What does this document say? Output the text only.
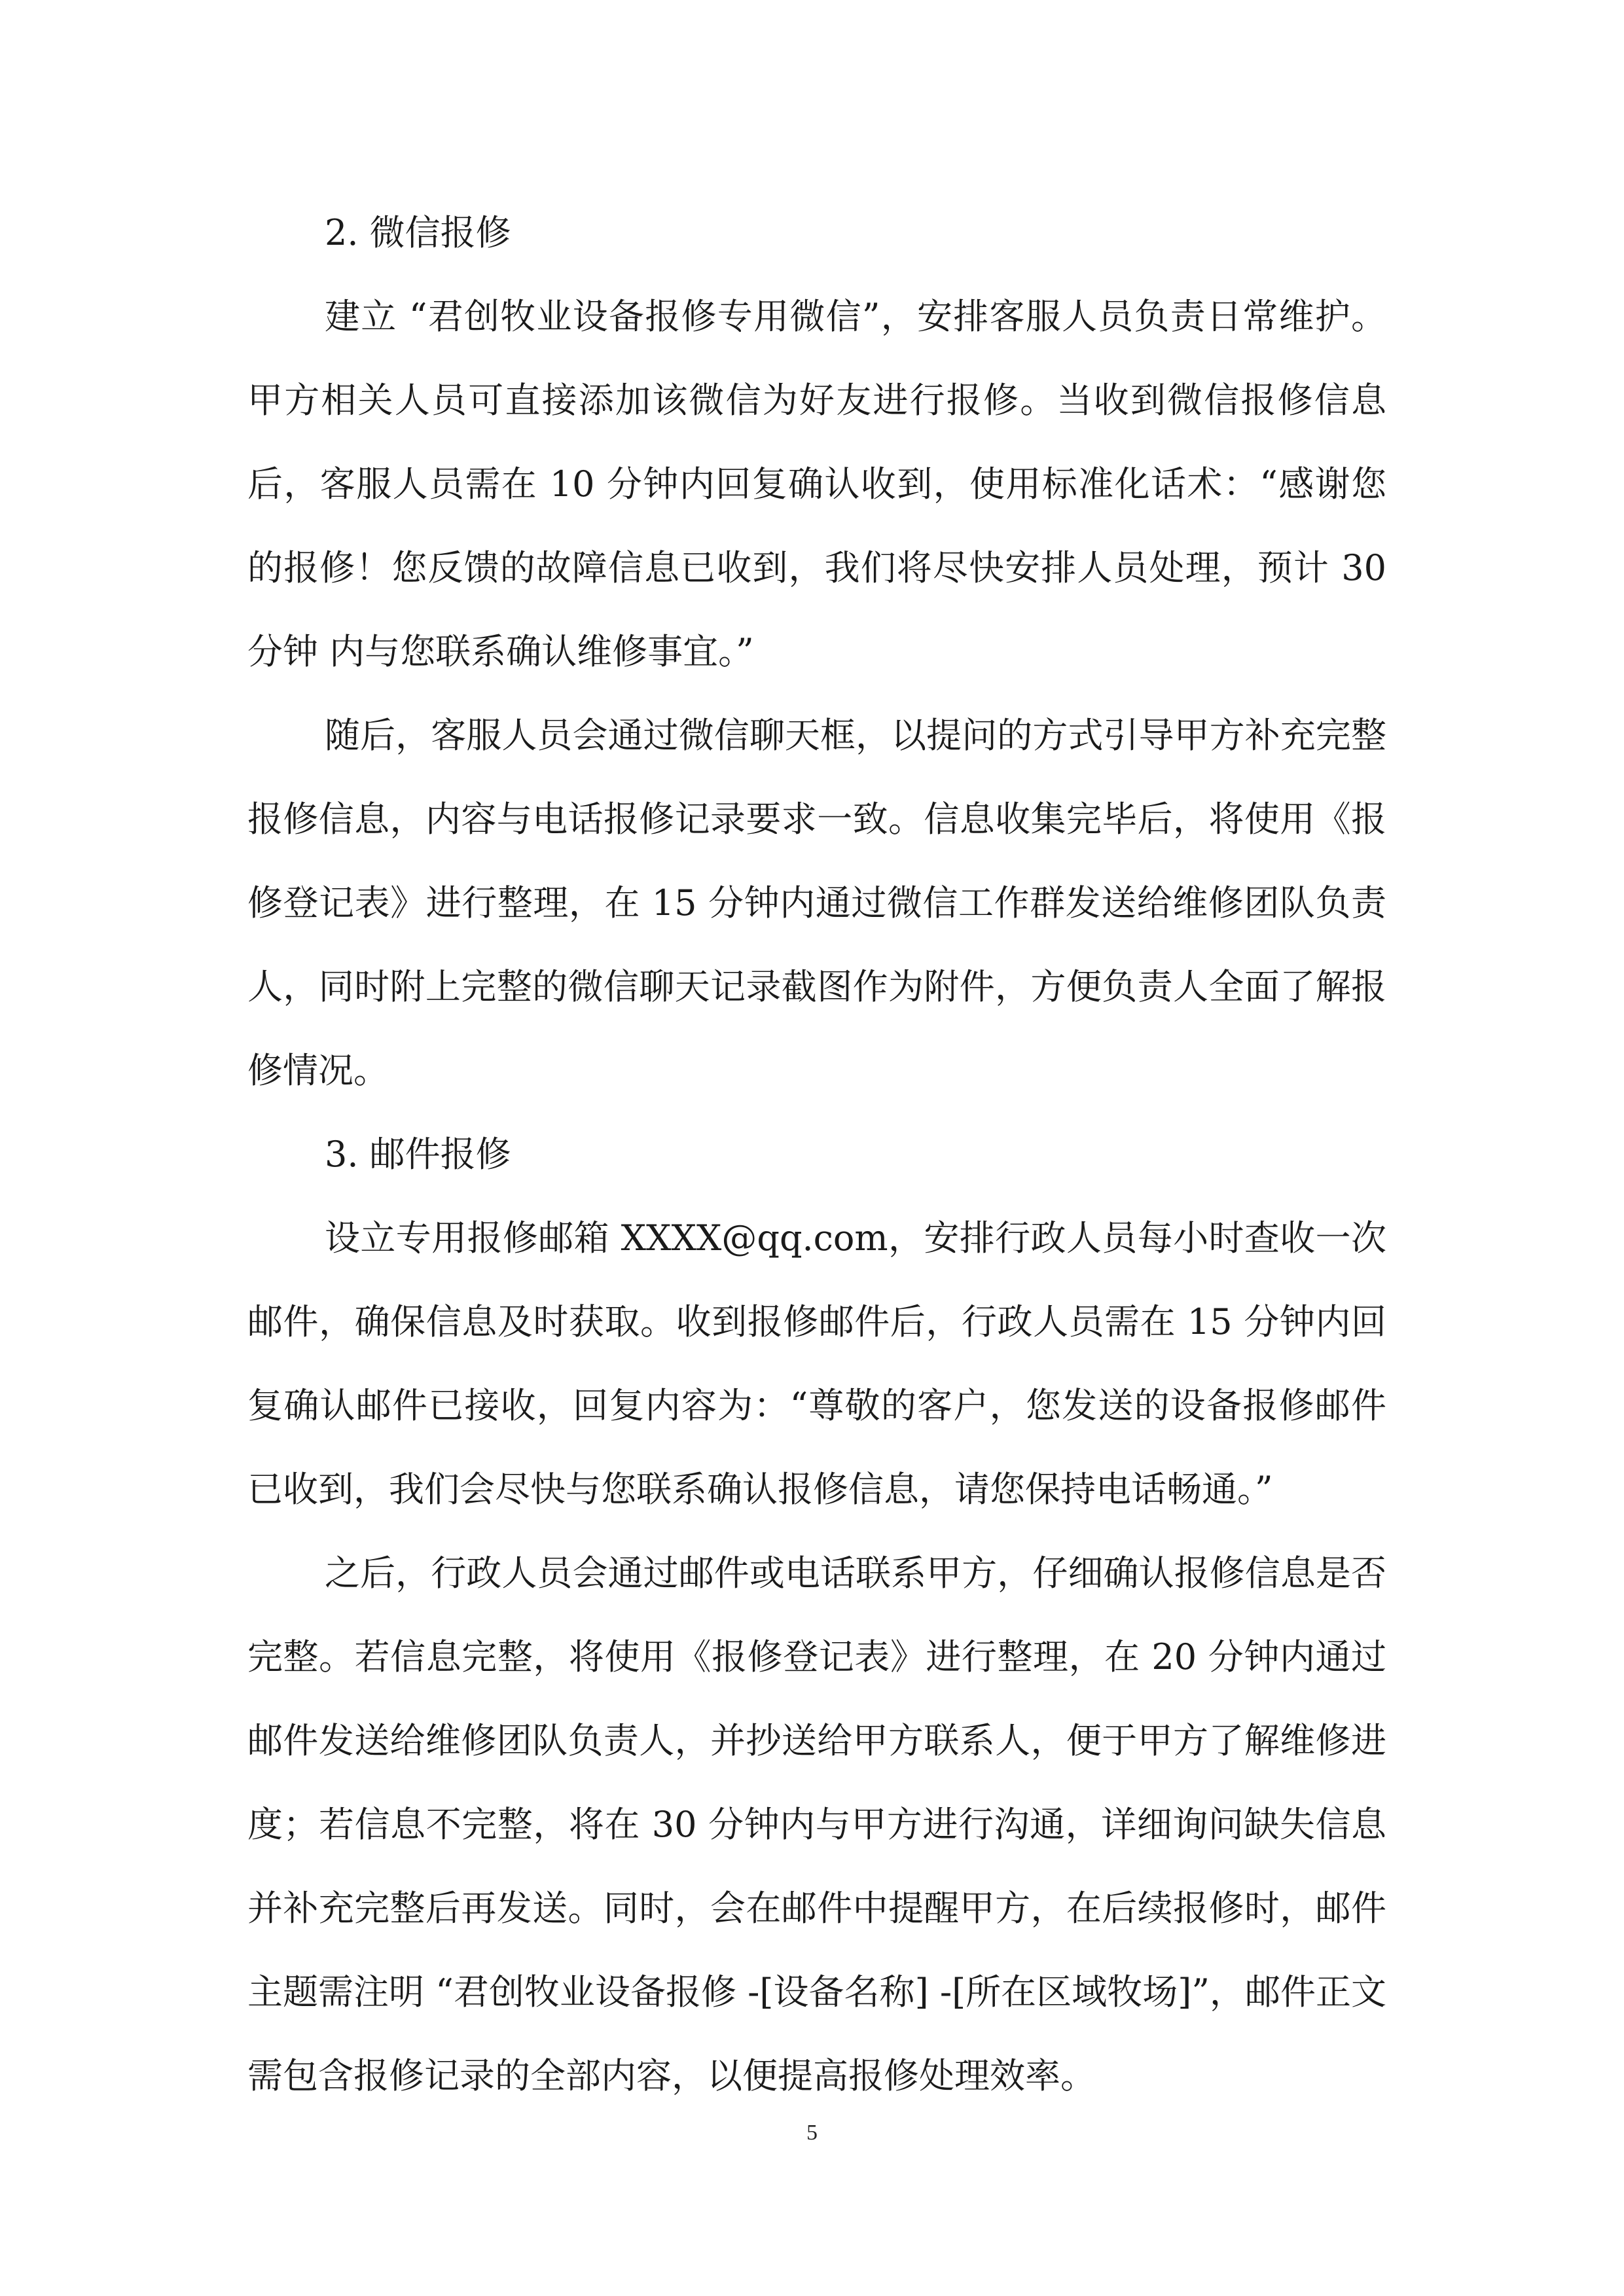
2. 微信报修

建立 “君创牧业设备报修专用微信”，安排客服人员负责日常维护。甲方相关人员可直接添加该微信为好友进行报修。当收到微信报修信息后，客服人员需在 10 分钟内回复确认收到，使用标准化话术：“感谢您的报修！您反馈的故障信息已收到，我们将尽快安排人员处理，预计 30 分钟 内与您联系确认维修事宜。”

随后，客服人员会通过微信聊天框，以提问的方式引导甲方补充完整报修信息，内容与电话报修记录要求一致。信息收集完毕后，将使用《报修登记表》进行整理，在 15 分钟内通过微信工作群发送给维修团队负责人，同时附上完整的微信聊天记录截图作为附件，方便负责人全面了解报修情况。

3. 邮件报修

设立专用报修邮箱 XXXX@qq.com，安排行政人员每小时查收一次邮件，确保信息及时获取。收到报修邮件后，行政人员需在 15 分钟内回复确认邮件已接收，回复内容为：“尊敬的客户，您发送的设备报修邮件已收到，我们会尽快与您联系确认报修信息，请您保持电话畅通。”

之后，行政人员会通过邮件或电话联系甲方，仔细确认报修信息是否完整。若信息完整，将使用《报修登记表》进行整理，在 20 分钟内通过邮件发送给维修团队负责人，并抄送给甲方联系人，便于甲方了解维修进度；若信息不完整，将在 30 分钟内与甲方进行沟通，详细询问缺失信息并补充完整后再发送。同时，会在邮件中提醒甲方，在后续报修时，邮件主题需注明 “君创牧业设备报修 -[设备名称] -[所在区域牧场]”，邮件正文需包含报修记录的全部内容，以便提高报修处理效率。

5
